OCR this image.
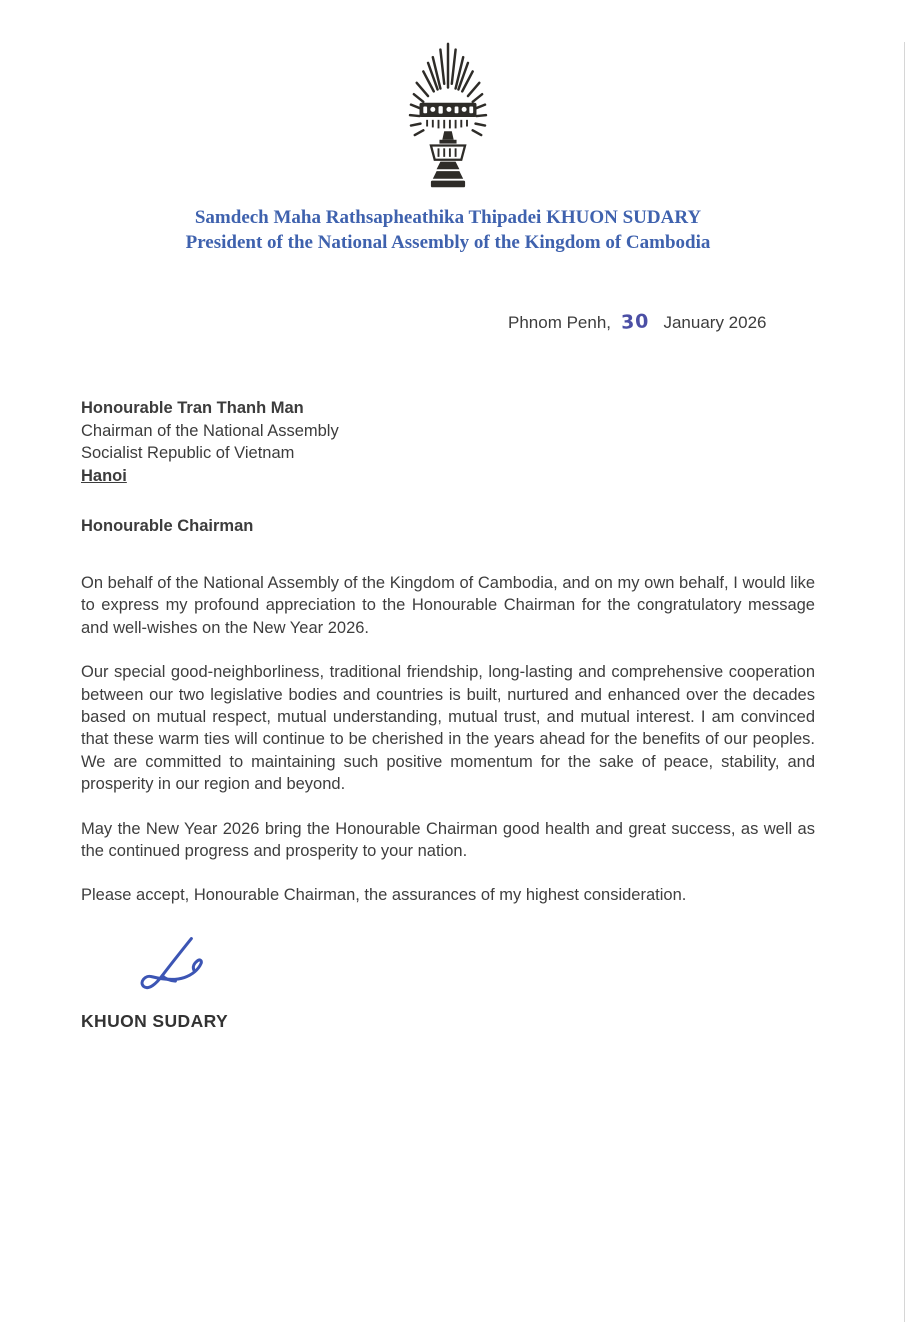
Samdech Maha Rathsapheathika Thipadei KHUON SUDARY
President of the National Assembly of the Kingdom of Cambodia
Phnom Penh, 30 January 2026
Honourable Tran Thanh Man
Chairman of the National Assembly
Socialist Republic of Vietnam
Hanoi
Honourable Chairman

On behalf of the National Assembly of the Kingdom of Cambodia, and on my own behalf, I would like to express my profound appreciation to the Honourable Chairman for the congratulatory message and well-wishes on the New Year 2026.

Our special good-neighborliness, traditional friendship, long-lasting and comprehensive cooperation between our two legislative bodies and countries is built, nurtured and enhanced over the decades based on mutual respect, mutual understanding, mutual trust, and mutual interest. I am convinced that these warm ties will continue to be cherished in the years ahead for the benefits of our peoples. We are committed to maintaining such positive momentum for the sake of peace, stability, and prosperity in our region and beyond.

May the New Year 2026 bring the Honourable Chairman good health and great success, as well as the continued progress and prosperity to your nation.

Please accept, Honourable Chairman, the assurances of my highest consideration.

KHUON SUDARY
